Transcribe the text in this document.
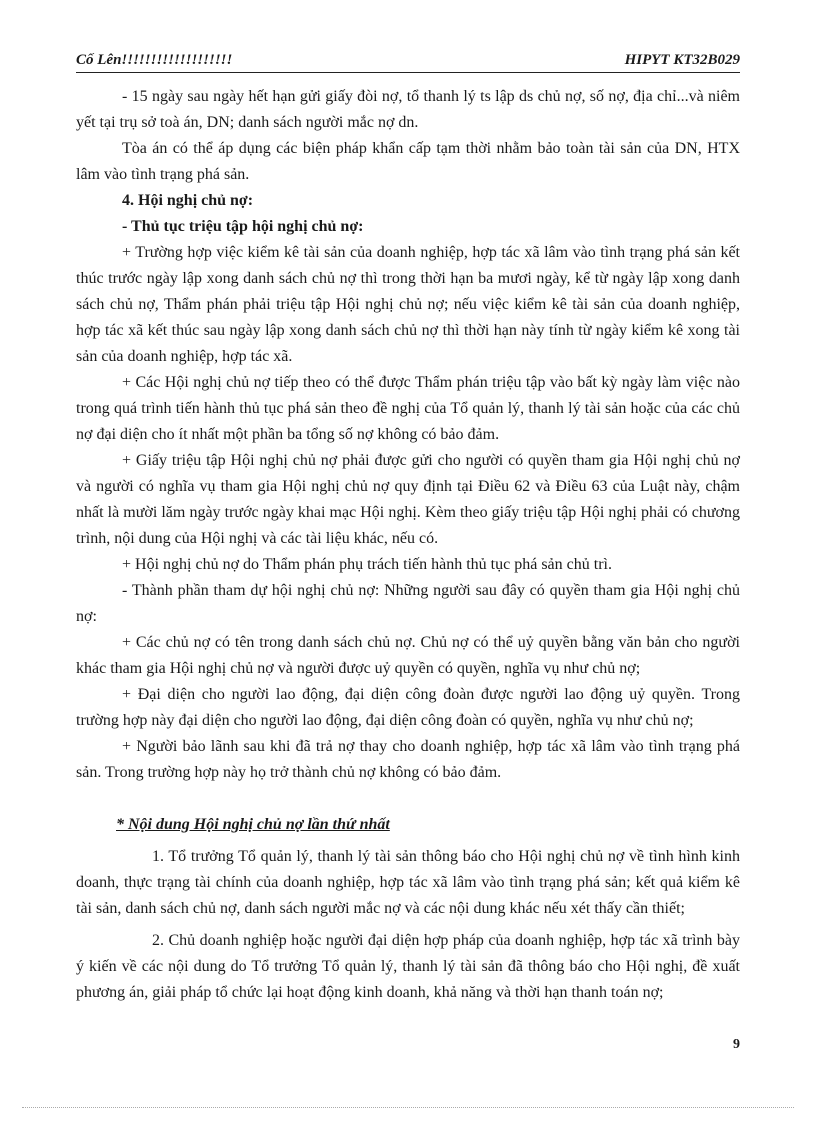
Cố Lên!!!!!!!!!!!!!!!!!!!	HIPYT KT32B029

- 15 ngày sau ngày hết hạn gửi giấy đòi nợ, tổ thanh lý ts lập ds chủ nợ, số nợ, địa chỉ...và niêm yết tại trụ sở toà án, DN; danh sách người mắc nợ dn.

Tòa án có thể áp dụng các biện pháp khẩn cấp tạm thời nhằm bảo toàn tài sản của DN, HTX lâm vào tình trạng phá sản.

4. Hội nghị chủ nợ:

- Thủ tục triệu tập hội nghị chủ nợ:

+ Trường hợp việc kiểm kê tài sản của doanh nghiệp, hợp tác xã lâm vào tình trạng phá sản kết thúc trước ngày lập xong danh sách chủ nợ thì trong thời hạn ba mươi ngày, kể từ ngày lập xong danh sách chủ nợ, Thẩm phán phải triệu tập Hội nghị chủ nợ; nếu việc kiểm kê tài sản của doanh nghiệp, hợp tác xã kết thúc sau ngày lập xong danh sách chủ nợ thì thời hạn này tính từ ngày kiểm kê xong tài sản của doanh nghiệp, hợp tác xã.

+ Các Hội nghị chủ nợ tiếp theo có thể được Thẩm phán triệu tập vào bất kỳ ngày làm việc nào trong quá trình tiến hành thủ tục phá sản theo đề nghị của Tổ quản lý, thanh lý tài sản hoặc của các chủ nợ đại diện cho ít nhất một phần ba tổng số nợ không có bảo đảm.

+ Giấy triệu tập Hội nghị chủ nợ phải được gửi cho người có quyền tham gia Hội nghị chủ nợ và người có nghĩa vụ tham gia Hội nghị chủ nợ quy định tại Điều 62 và Điều 63 của Luật này, chậm nhất là mười lăm ngày trước ngày khai mạc Hội nghị. Kèm theo giấy triệu tập Hội nghị phải có chương trình, nội dung của Hội nghị và các tài liệu khác, nếu có.

+ Hội nghị chủ nợ do Thẩm phán phụ trách tiến hành thủ tục phá sản chủ trì.

- Thành phần tham dự hội nghị chủ nợ: Những người sau đây có quyền tham gia Hội nghị chủ nợ:

+ Các chủ nợ có tên trong danh sách chủ nợ. Chủ nợ có thể uỷ quyền bằng văn bản cho người khác tham gia Hội nghị chủ nợ và người được uỷ quyền có quyền, nghĩa vụ như chủ nợ;

+ Đại diện cho người lao động, đại diện công đoàn được người lao động uỷ quyền. Trong trường hợp này đại diện cho người lao động, đại diện công đoàn có quyền, nghĩa vụ như chủ nợ;

+ Người bảo lãnh sau khi đã trả nợ thay cho doanh nghiệp, hợp tác xã lâm vào tình trạng phá sản. Trong trường hợp này họ trở thành chủ nợ không có bảo đảm.

* Nội dung Hội nghị chủ nợ lần thứ nhất

1. Tổ trưởng Tổ quản lý, thanh lý tài sản thông báo cho Hội nghị chủ nợ về tình hình kinh doanh, thực trạng tài chính của doanh nghiệp, hợp tác xã lâm vào tình trạng phá sản; kết quả kiểm kê tài sản, danh sách chủ nợ, danh sách người mắc nợ và các nội dung khác nếu xét thấy cần thiết;

2. Chủ doanh nghiệp hoặc người đại diện hợp pháp của doanh nghiệp, hợp tác xã trình bày ý kiến về các nội dung do Tổ trưởng Tổ quản lý, thanh lý tài sản đã thông báo cho Hội nghị, đề xuất phương án, giải pháp tổ chức lại hoạt động kinh doanh, khả năng và thời hạn thanh toán nợ;

9
